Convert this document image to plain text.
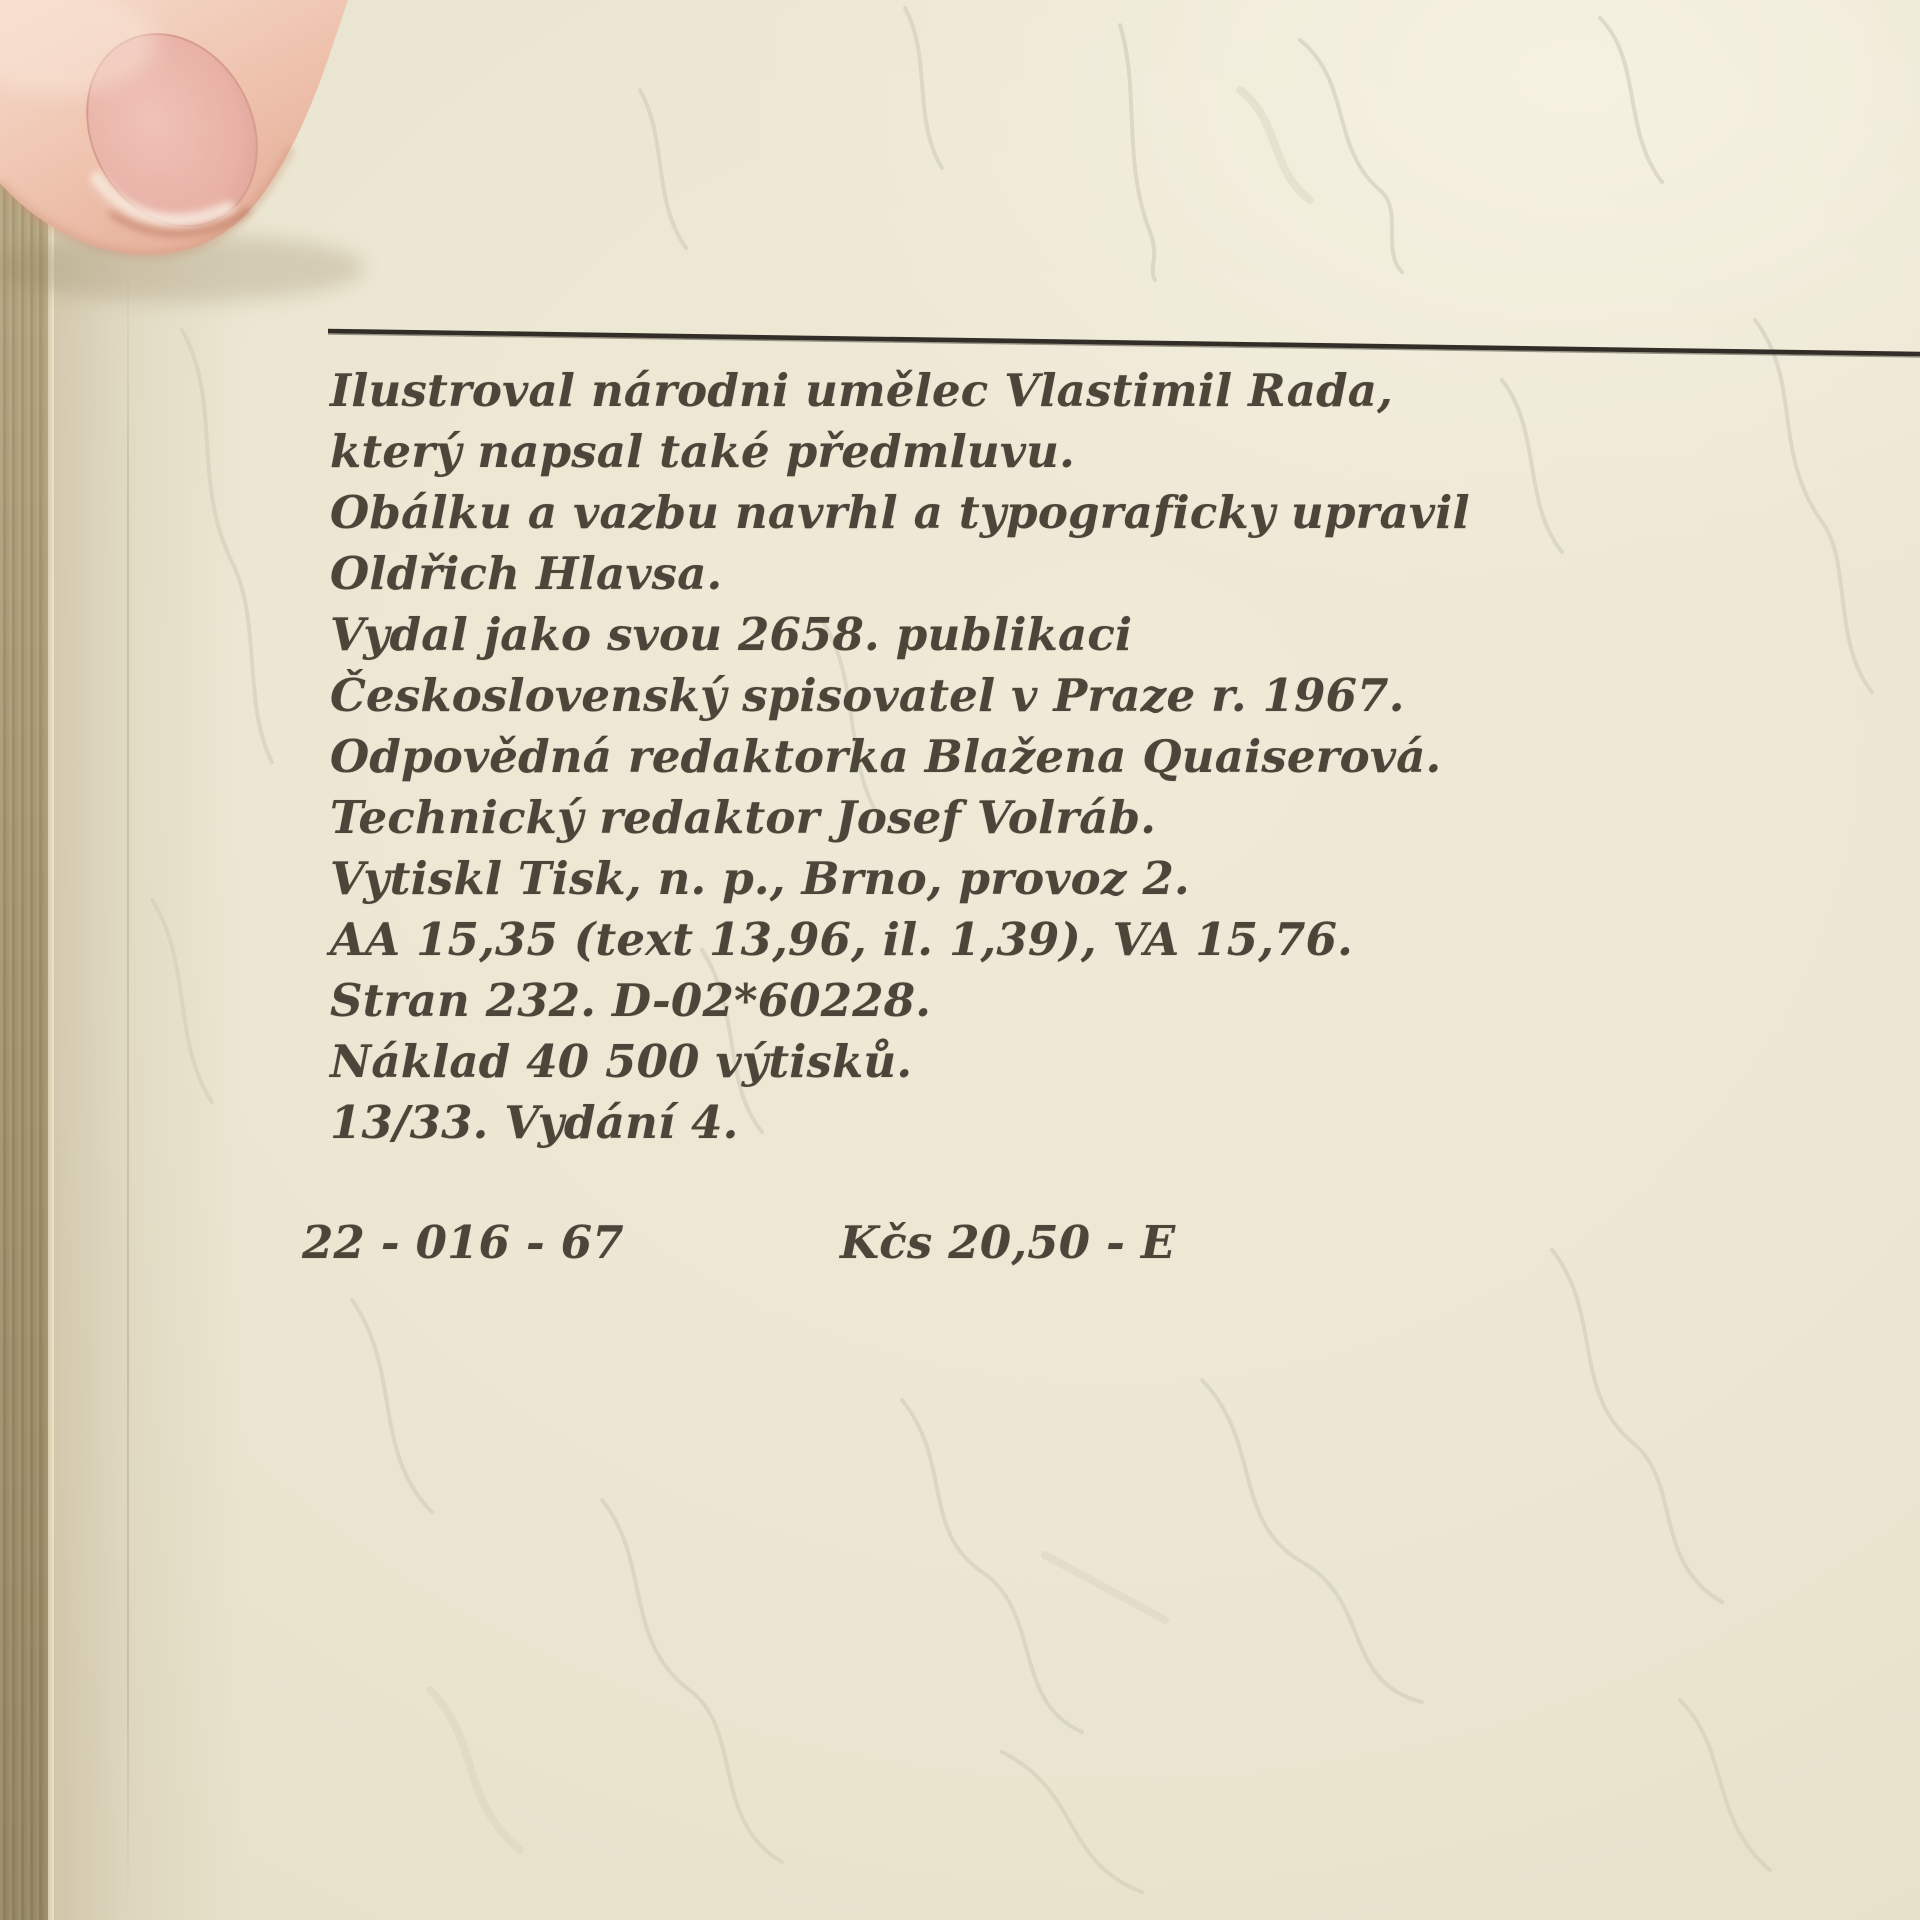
Ilustroval národni umělec Vlastimil Rada,
který napsal také předmluvu.
Obálku a vazbu navrhl a typograficky upravil
Oldřich Hlavsa.
Vydal jako svou 2658. publikaci
Československý spisovatel v Praze r. 1967.
Odpovědná redaktorka Blažena Quaiserová.
Technický redaktor Josef Volráb.
Vytiskl Tisk, n. p., Brno, provoz 2.
AA 15,35 (text 13,96, il. 1,39), VA 15,76.
Stran 232. D-02*60228.
Náklad 40 500 výtisků.
13/33. Vydání 4.
22 - 016 - 67	Kčs 20,50 - E
